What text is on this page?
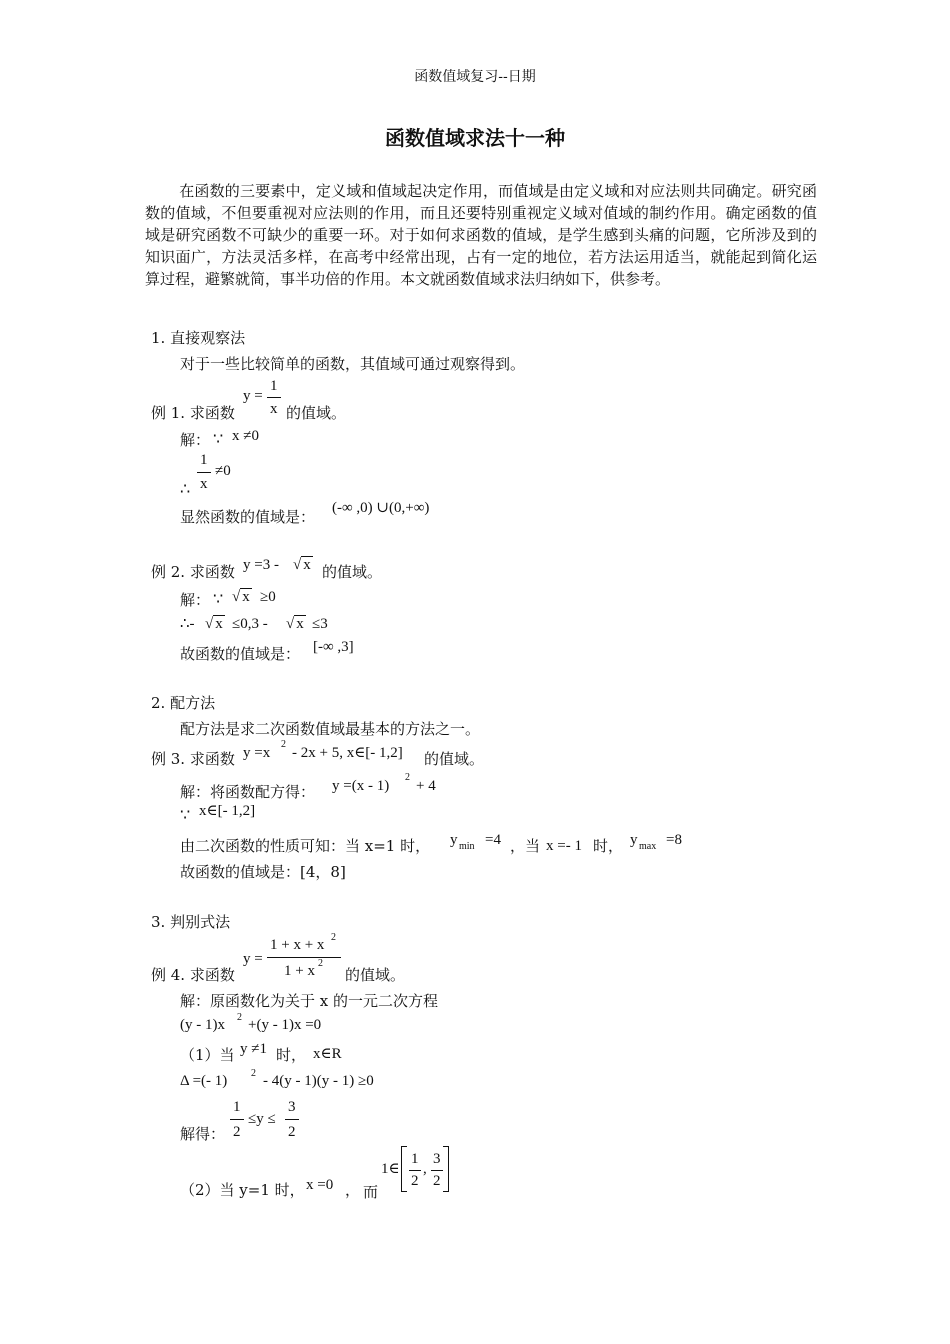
函数值域复习--日期
函数值域求法十一种
在函数的三要素中，定义域和值域起决定作用，而值域是由定义域和对应法则共同确定。研究函数的值域，不但要重视对应法则的作用，而且还要特别重视定义域对值域的制约作用。确定函数的值域是研究函数不可缺少的重要一环。对于如何求函数的值域，是学生感到头痛的问题，它所涉及到的知识面广，方法灵活多样，在高考中经常出现，占有一定的地位，若方法运用适当，就能起到简化运算过程，避繁就简，事半功倍的作用。本文就函数值域求法归纳如下，供参考。
1. 直接观察法
对于一些比较简单的函数，其值域可通过观察得到。
例 1. 求函数
y =
1
x 的值域。
解： ∵ x ≠0
1
x
≠0
∴
显然函数的值域是： (-∞ ,0) ∪(0,+∞)
例 2. 求函数 y =3 - √ x 的值域。
解： ∵ √ x ≥0
∴- √ x ≤0,3 - √ x ≤3
故函数的值域是： [-∞ ,3]
2. 配方法
配方法是求二次函数值域最基本的方法之一。
例 3. 求函数 y =x
2
- 2x + 5, x∈[- 1,2] 的值域。
解：将函数配方得： y =(x - 1)
2
+ 4
∵ x∈[- 1,2]
由二次函数的性质可知：当 x=1 时， y min =4 ，当 x =- 1 时， y max =8
故函数的值域是：[4，8]
3. 判别式法
y =
1 + x + x 2
1 + x 2
例 4. 求函数	的值域。
解：原函数化为关于 x 的一元二次方程
(y - 1)x 2 +(y - 1)x =0
（1）当 y ≠1 时， x∈R
Δ =(- 1) 2 - 4(y - 1)(y - 1) ≥0
解得：
1
2
≤y ≤
3
2
（2）当 y=1 时， x =0 ， 而
1∈
1
2
,
3
2
